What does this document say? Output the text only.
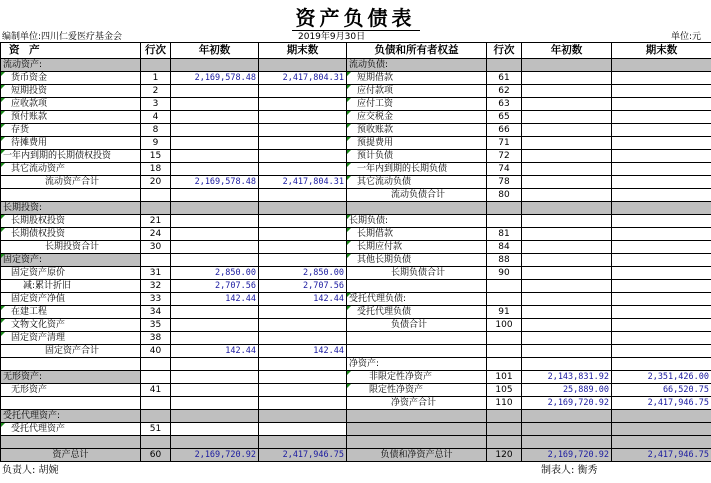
资产负债表
编制单位:四川仁爱医疗基金会	2019年9月30日	单位:元
资 产	行次	年初数	期末数	负债和所有者权益	行次	年初数	期末数
流动资产:				流动负债:			
货币资金	1	2,169,578.48	2,417,804.31	短期借款	61		
短期投资	2			应付款项	62		
应收款项	3			应付工资	63		
预付账款	4			应交税金	65		
存货	8			预收账款	66		
待摊费用	9			预提费用	71		
一年内到期的长期债权投资	15			预计负债	72		
其它流动资产	18			一年内到期的长期负债	74		
流动资产合计	20	2,169,578.48	2,417,804.31	其它流动负债	78		
				流动负债合计	80		
长期投资:							
长期股权投资	21			长期负债:			
长期债权投资	24			长期借款	81		
长期投资合计	30			长期应付款	84		
固定资产:				其他长期负债	88		
固定资产原价	31	2,850.00	2,850.00	长期负债合计	90		
减:累计折旧	32	2,707.56	2,707.56				
固定资产净值	33	142.44	142.44	受托代理负债:			
在建工程	34			受托代理负债	91		
文物文化资产	35			负债合计	100		
固定资产清理	38						
固定资产合计	40	142.44	142.44				
				净资产:			
无形资产:				非限定性净资产	101	2,143,831.92	2,351,426.00
无形资产	41			限定性净资产	105	25,889.00	66,520.75
				净资产合计	110	2,169,720.92	2,417,946.75
受托代理资产:							
受托代理资产	51						

资产总计	60	2,169,720.92	2,417,946.75	负债和净资产总计	120	2,169,720.92	2,417,946.75
负责人: 胡婉	制表人: 衡秀
